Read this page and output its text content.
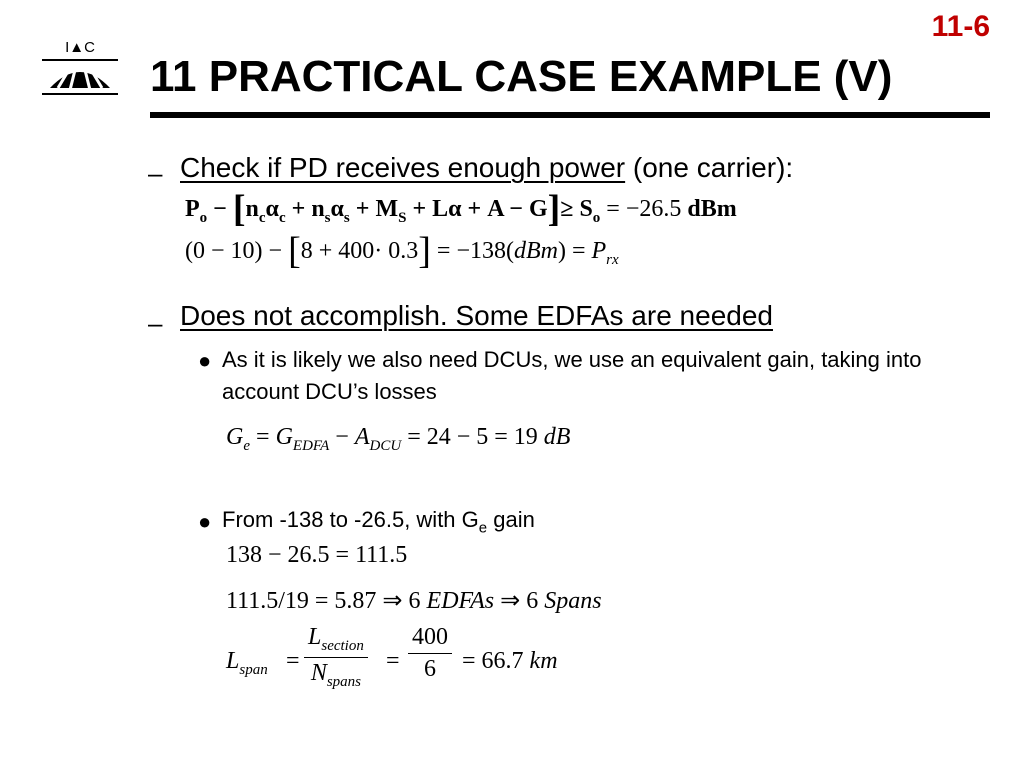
I▲C
11-6
11 PRACTICAL CASE EXAMPLE (V)
– Check if PD receives enough power (one carrier):
$P_o - [n_c\alpha_c + n_s\alpha_s + M_S + L\alpha + A - G]\ge S_o = -26.5$ dBm
$(0 - 10) - [8 + 400\cdot 0.3] = -138(dBm) = P_{rx}$
– Does not accomplish. Some EDFAs are needed
● As it is likely we also need DCUs, we use an equivalent gain, taking into account DCU’s losses
$G_e = G_{EDFA} - A_{DCU} = 24 - 5 = 19$ dB
● From -138 to -26.5, with $G_e$ gain
138 − 26.5 = 111.5
111.5/19 = 5.87 ⇒ 6 EDFAs ⇒ 6 Spans
$L_{span}$ =
$L_{section}$
$N_{spans}$
= $\frac{400}{6} = 66.7$ km
